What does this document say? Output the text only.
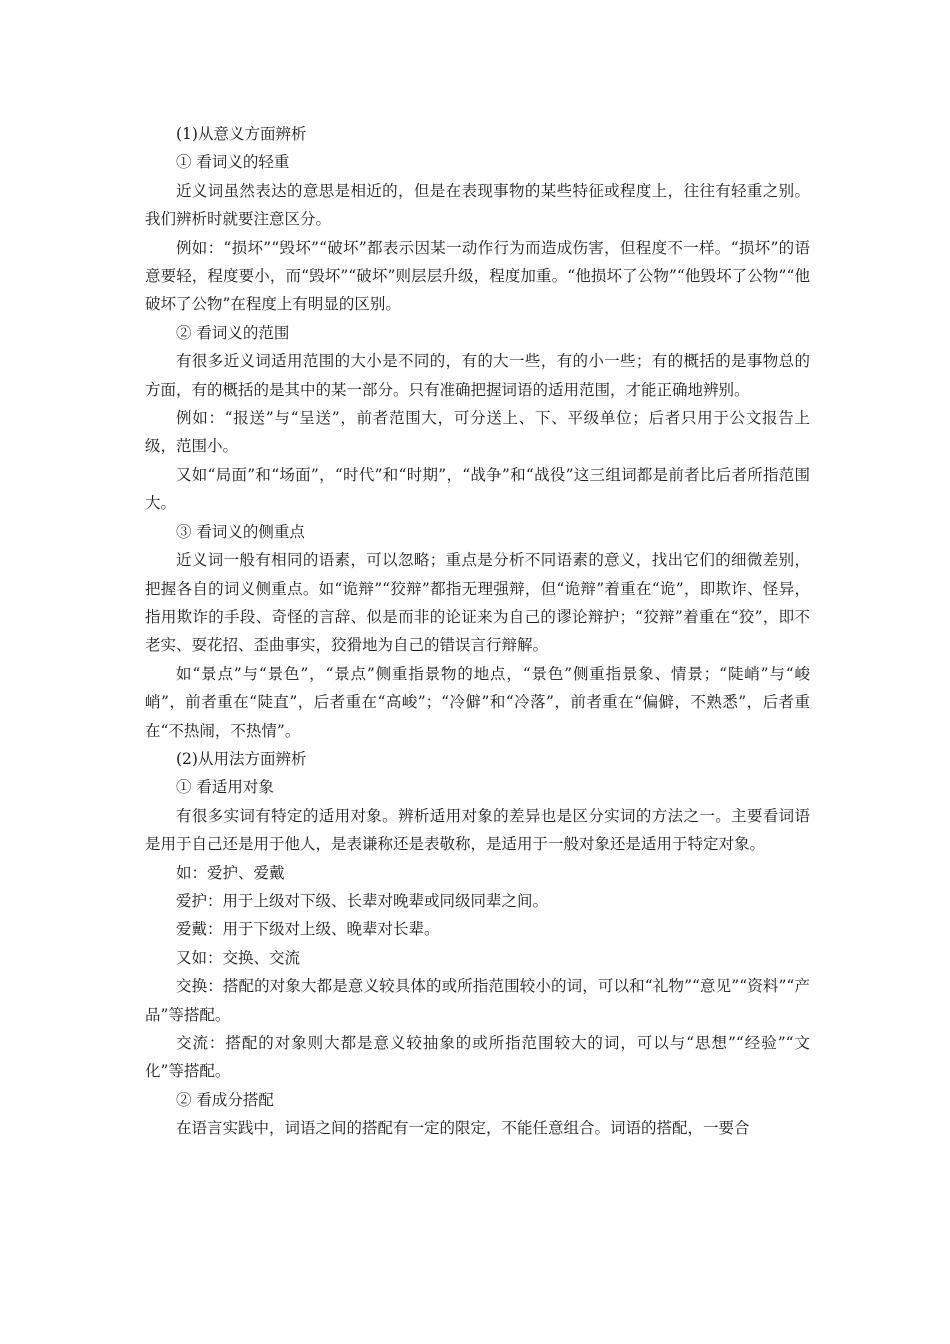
(1)从意义方面辨析

① 看词义的轻重

近义词虽然表达的意思是相近的，但是在表现事物的某些特征或程度上，往往有轻重之别。我们辨析时就要注意区分。

例如：“损坏”“毁坏”“破坏”都表示因某一动作行为而造成伤害，但程度不一样。“损坏”的语意要轻，程度要小，而“毁坏”“破坏”则层层升级，程度加重。“他损坏了公物”“他毁坏了公物”“他破坏了公物”在程度上有明显的区别。

② 看词义的范围

有很多近义词适用范围的大小是不同的，有的大一些，有的小一些；有的概括的是事物总的方面，有的概括的是其中的某一部分。只有准确把握词语的适用范围，才能正确地辨别。

例如：“报送”与“呈送”，前者范围大，可分送上、下、平级单位；后者只用于公文报告上级，范围小。

又如“局面”和“场面”，“时代”和“时期”，“战争”和“战役”这三组词都是前者比后者所指范围大。

③ 看词义的侧重点

近义词一般有相同的语素，可以忽略；重点是分析不同语素的意义，找出它们的细微差别，把握各自的词义侧重点。如“诡辩”“狡辩”都指无理强辩，但“诡辩”着重在“诡”，即欺诈、怪异，指用欺诈的手段、奇怪的言辞、似是而非的论证来为自己的谬论辩护；“狡辩”着重在“狡”，即不老实、耍花招、歪曲事实，狡猾地为自己的错误言行辩解。

如“景点”与“景色”，“景点”侧重指景物的地点，“景色”侧重指景象、情景；“陡峭”与“峻峭”，前者重在“陡直”，后者重在“高峻”；“冷僻”和“冷落”，前者重在“偏僻，不熟悉”，后者重在“不热闹，不热情”。

(2)从用法方面辨析

① 看适用对象

有很多实词有特定的适用对象。辨析适用对象的差异也是区分实词的方法之一。主要看词语是用于自己还是用于他人，是表谦称还是表敬称，是适用于一般对象还是适用于特定对象。

如：爱护、爱戴

爱护：用于上级对下级、长辈对晚辈或同级同辈之间。

爱戴：用于下级对上级、晚辈对长辈。

又如：交换、交流

交换：搭配的对象大都是意义较具体的或所指范围较小的词，可以和“礼物”“意见”“资料”“产品”等搭配。

交流：搭配的对象则大都是意义较抽象的或所指范围较大的词，可以与“思想”“经验”“文化”等搭配。

② 看成分搭配

在语言实践中，词语之间的搭配有一定的限定，不能任意组合。词语的搭配，一要合
